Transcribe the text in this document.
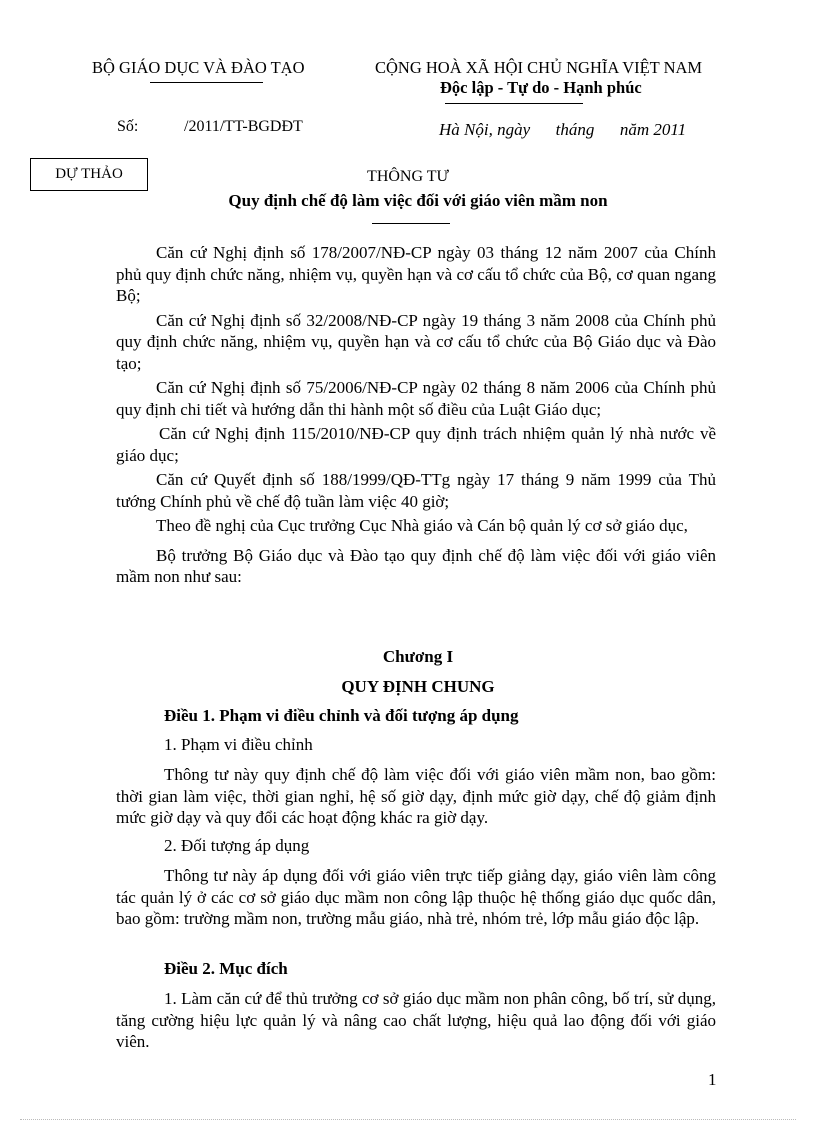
BỘ GIÁO DỤC VÀ ĐÀO TẠO	CỘNG HOÀ XÃ HỘI CHỦ NGHĨA VIỆT NAM
Độc lập - Tự do - Hạnh phúc
Số:	/2011/TT-BGDĐT	Hà Nội, ngày      tháng      năm 2011
DỰ THẢO	THÔNG TƯ
Quy định chế độ làm việc đối với giáo viên mầm non

Căn cứ Nghị định số 178/2007/NĐ-CP ngày 03 tháng 12 năm 2007 của Chính phủ quy định chức năng, nhiệm vụ, quyền hạn và cơ cấu tổ chức của Bộ, cơ quan ngang Bộ;

Căn cứ Nghị định số 32/2008/NĐ-CP ngày 19 tháng 3 năm 2008 của Chính phủ quy định chức năng, nhiệm vụ, quyền hạn và cơ cấu tổ chức của Bộ Giáo dục và Đào tạo;

Căn cứ Nghị định số 75/2006/NĐ-CP ngày 02 tháng 8 năm 2006 của Chính phủ quy định chi tiết và hướng dẫn thi hành một số điều của Luật Giáo dục;

Căn cứ Nghị định 115/2010/NĐ-CP quy định trách nhiệm quản lý nhà nước về giáo dục;

Căn cứ Quyết định số 188/1999/QĐ-TTg ngày 17 tháng 9 năm 1999 của Thủ tướng Chính phủ về chế độ tuần làm việc 40 giờ;

Theo đề nghị của Cục trưởng Cục Nhà giáo và Cán bộ quản lý cơ sở giáo dục,

Bộ trưởng Bộ Giáo dục và Đào tạo quy định chế độ làm việc đối với giáo viên mầm non như sau:

Chương I
QUY ĐỊNH CHUNG
Điều 1. Phạm vi điều chỉnh và đối tượng áp dụng
1. Phạm vi điều chỉnh

Thông tư này quy định chế độ làm việc đối với giáo viên mầm non, bao gồm: thời gian làm việc, thời gian nghỉ, hệ số giờ dạy, định mức giờ dạy, chế độ giảm định mức giờ dạy và quy đổi các hoạt động khác ra giờ dạy.

2. Đối tượng áp dụng

Thông tư này áp dụng đối với giáo viên trực tiếp giảng dạy, giáo viên làm công tác quản lý ở các cơ sở giáo dục mầm non công lập thuộc hệ thống giáo dục quốc dân, bao gồm: trường mầm non, trường mẫu giáo, nhà trẻ, nhóm trẻ, lớp mẫu giáo độc lập.

Điều 2. Mục đích

1. Làm căn cứ để thủ trưởng cơ sở giáo dục mầm non phân công, bố trí, sử dụng, tăng cường hiệu lực quản lý và nâng cao chất lượng, hiệu quả lao động đối với giáo viên.

1
